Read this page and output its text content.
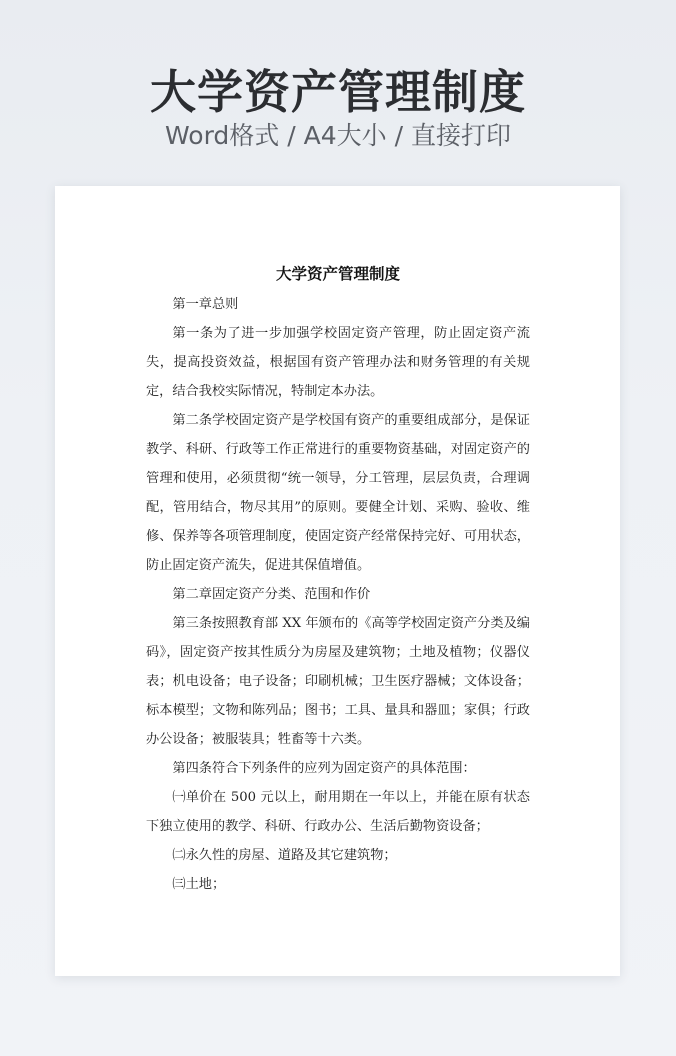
大学资产管理制度
Word格式 / A4大小 / 直接打印
大学资产管理制度

第一章总则

第一条为了进一步加强学校固定资产管理，防止固定资产流失，提高投资效益，根据国有资产管理办法和财务管理的有关规定，结合我校实际情况，特制定本办法。

第二条学校固定资产是学校国有资产的重要组成部分，是保证教学、科研、行政等工作正常进行的重要物资基础，对固定资产的管理和使用，必须贯彻“统一领导，分工管理，层层负责，合理调配，管用结合，物尽其用”的原则。要健全计划、采购、验收、维修、保养等各项管理制度，使固定资产经常保持完好、可用状态，防止固定资产流失，促进其保值增值。

第二章固定资产分类、范围和作价

第三条按照教育部 XX 年颁布的《高等学校固定资产分类及编码》，固定资产按其性质分为房屋及建筑物；土地及植物；仪器仪表；机电设备；电子设备；印刷机械；卫生医疗器械；文体设备；标本模型；文物和陈列品；图书；工具、量具和器皿；家俱；行政办公设备；被服装具；牲畜等十六类。

第四条符合下列条件的应列为固定资产的具体范围：

㈠单价在 500 元以上，耐用期在一年以上，并能在原有状态下独立使用的教学、科研、行政办公、生活后勤物资设备；

㈡永久性的房屋、道路及其它建筑物；

㈢土地；
